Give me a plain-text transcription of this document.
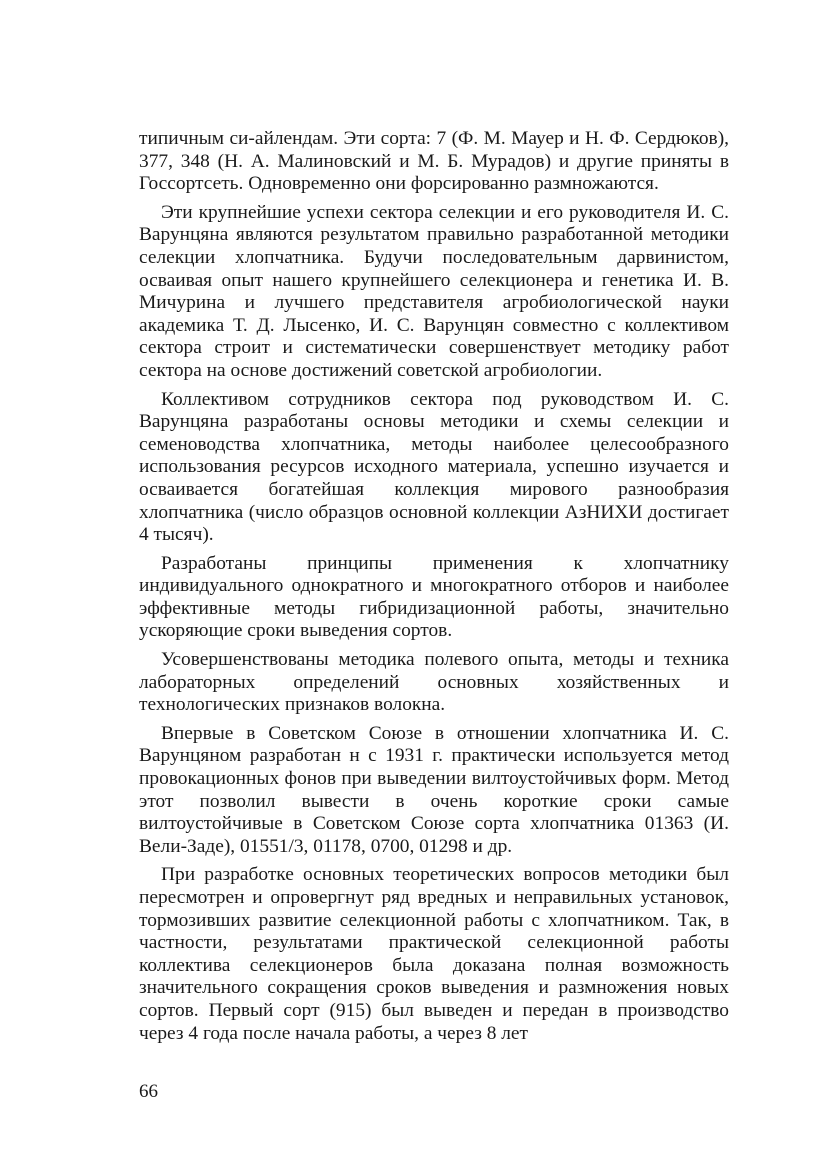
типичным си-айлендам. Эти сорта: 7 (Ф. М. Мауер и Н. Ф. Сердюков), 377, 348 (Н. А. Малиновский и М. Б. Мурадов) и другие приняты в Госсортсеть. Одновременно они форсированно размножаются.

Эти крупнейшие успехи сектора селекции и его руководителя И. С. Варунцяна являются результатом правильно разработанной методики селекции хлопчатника. Будучи последовательным дарвинистом, осваивая опыт нашего крупнейшего селекционера и генетика И. В. Мичурина и лучшего представителя агробиологической науки академика Т. Д. Лысенко, И. С. Варунцян совместно с коллективом сектора строит и систематически совершенствует методику работ сектора на основе достижений советской агробиологии.

Коллективом сотрудников сектора под руководством И. С. Варунцяна разработаны основы методики и схемы селекции и семеноводства хлопчатника, методы наиболее целесообразного использования ресурсов исходного материала, успешно изучается и осваивается богатейшая коллекция мирового разнообразия хлопчатника (число образцов основной коллекции АзНИХИ достигает 4 тысяч).

Разработаны принципы применения к хлопчатнику индивидуального однократного и многократного отборов и наиболее эффективные методы гибридизационной работы, значительно ускоряющие сроки выведения сортов.

Усовершенствованы методика полевого опыта, методы и техника лабораторных определений основных хозяйственных и технологических признаков волокна.

Впервые в Советском Союзе в отношении хлопчатника И. С. Варунцяном разработан н с 1931 г. практически используется метод провокационных фонов при выведении вилтоустойчивых форм. Метод этот позволил вывести в очень короткие сроки самые вилтоустойчивые в Советском Союзе сорта хлопчатника 01363 (И. Вели-Заде), 01551/3, 01178, 0700, 01298 и др.

При разработке основных теоретических вопросов методики был пересмотрен и опровергнут ряд вредных и неправильных установок, тормозивших развитие селекционной работы с хлопчатником. Так, в частности, результатами практической селекционной работы коллектива селекционеров была доказана полная возможность значительного сокращения сроков выведения и размножения новых сортов. Первый сорт (915) был выведен и передан в производство через 4 года после начала работы, а через 8 лет

66
